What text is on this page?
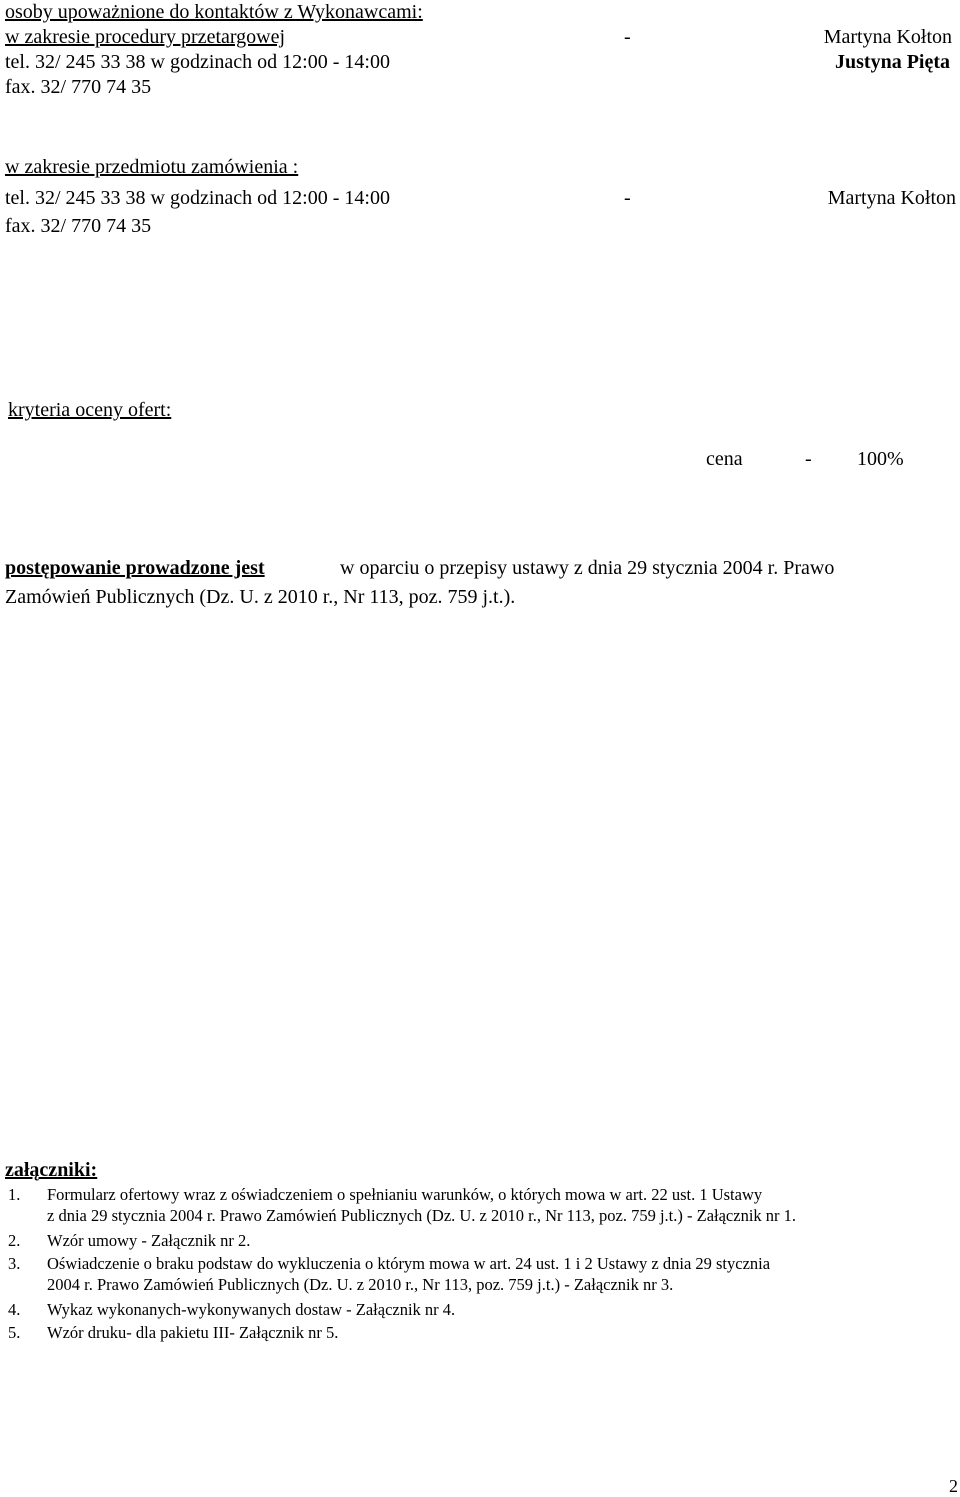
osoby upoważnione do kontaktów z Wykonawcami:
w zakresie procedury przetargowej	-	Martyna Kołton
tel. 32/ 245 33 38 w godzinach od 12:00 - 14:00	Justyna Pięta
fax. 32/ 770 74 35
w zakresie przedmiotu zamówienia :
tel. 32/ 245 33 38 w godzinach od 12:00 - 14:00	-	Martyna Kołton
fax. 32/ 770 74 35
kryteria oceny ofert:
cena	- 100%
postępowanie prowadzone jest	w oparciu o przepisy ustawy z dnia 29 stycznia 2004 r. Prawo
Zamówień Publicznych (Dz. U. z 2010 r., Nr 113, poz. 759 j.t.).
załączniki:
1. Formularz ofertowy wraz z oświadczeniem o spełnianiu warunków, o których mowa w art. 22 ust. 1 Ustawy
z dnia 29 stycznia 2004 r. Prawo Zamówień Publicznych (Dz. U. z 2010 r., Nr 113, poz. 759 j.t.) - Załącznik nr 1.
2. Wzór umowy - Załącznik nr 2.
3. Oświadczenie o braku podstaw do wykluczenia o którym mowa w art. 24 ust. 1 i 2 Ustawy z dnia 29 stycznia
2004 r. Prawo Zamówień Publicznych (Dz. U. z 2010 r., Nr 113, poz. 759 j.t.) - Załącznik nr 3.
4. Wykaz wykonanych-wykonywanych dostaw - Załącznik nr 4.
5. Wzór druku- dla pakietu III- Załącznik nr 5.
2
